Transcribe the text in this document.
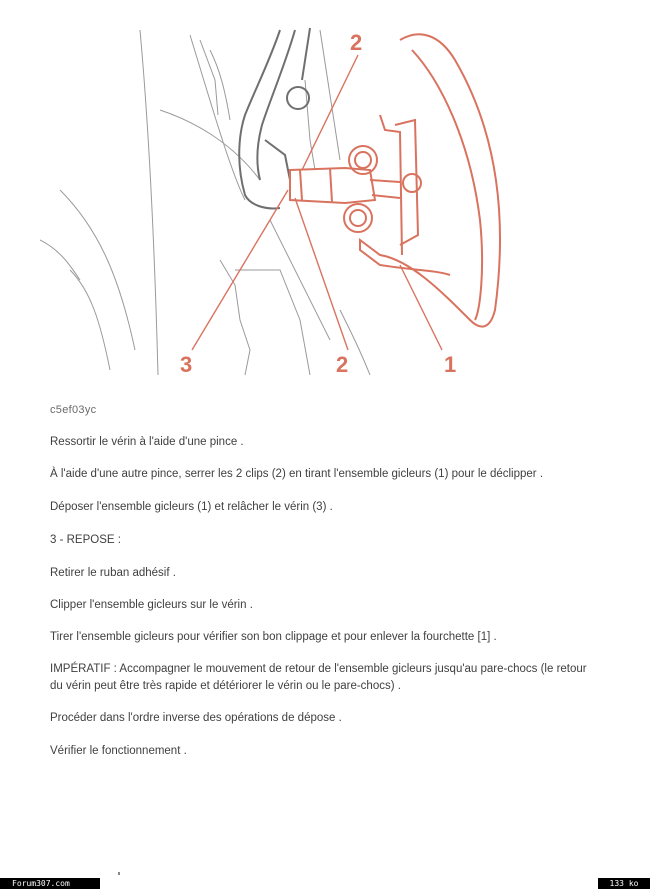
2
3	2	1
c5ef03yc

Ressortir le vérin à l'aide d'une pince .

À l'aide d'une autre pince, serrer les 2 clips (2) en tirant l'ensemble gicleurs (1) pour le déclipper .

Déposer l'ensemble gicleurs (1) et relâcher le vérin (3) .

3 - REPOSE :

Retirer le ruban adhésif .

Clipper l'ensemble gicleurs sur le vérin .

Tirer l'ensemble gicleurs pour vérifier son bon clippage et pour enlever la fourchette [1] .

IMPÉRATIF : Accompagner le mouvement de retour de l'ensemble gicleurs jusqu'au pare-chocs (le retour du vérin peut être très rapide et détériorer le vérin ou le pare-chocs) .

Procéder dans l'ordre inverse des opérations de dépose .

Vérifier le fonctionnement .

Forum307.com	133 ko
